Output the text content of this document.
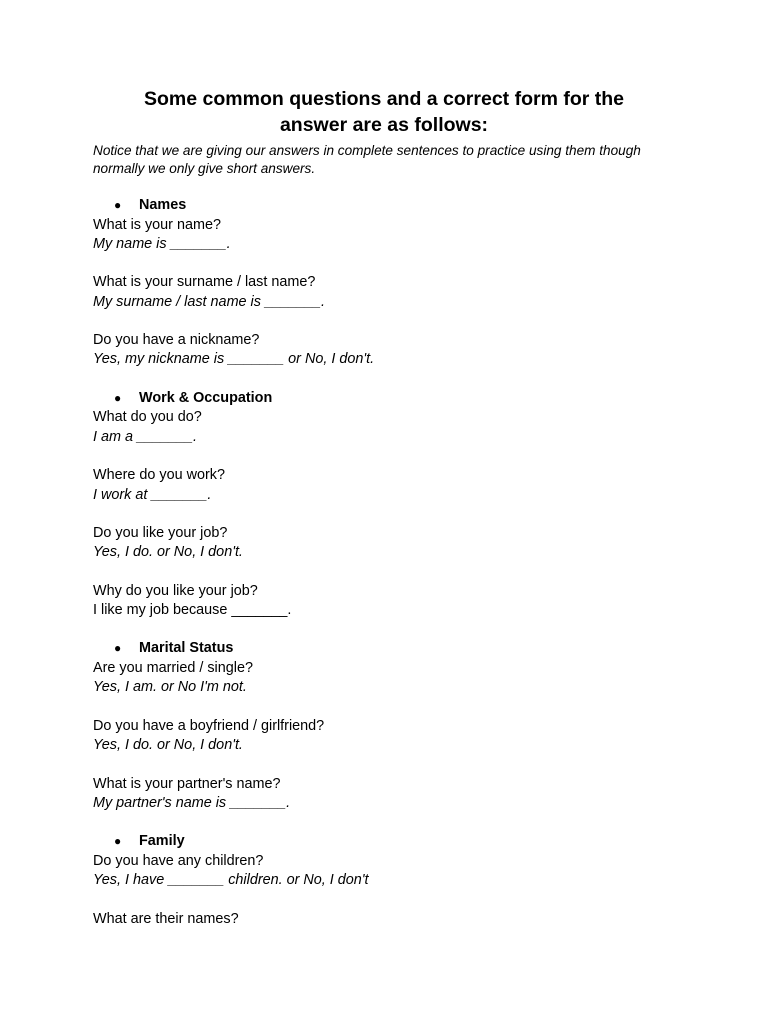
Some common questions and a correct form for the
answer are as follows:
Notice that we are giving our answers in complete sentences to practice using them though
normally we only give short answers.
● Names
What is your name?
My name is _______.
What is your surname / last name?
My surname / last name is _______.
Do you have a nickname?
Yes, my nickname is _______ or No, I don't.
● Work & Occupation
What do you do?
I am a _______.
Where do you work?
I work at _______.
Do you like your job?
Yes, I do. or No, I don't.
Why do you like your job?
I like my job because _______.
● Marital Status
Are you married / single?
Yes, I am. or No I'm not.
Do you have a boyfriend / girlfriend?
Yes, I do. or No, I don't.
What is your partner's name?
My partner's name is _______.
● Family
Do you have any children?
Yes, I have _______ children. or No, I don't
What are their names?
